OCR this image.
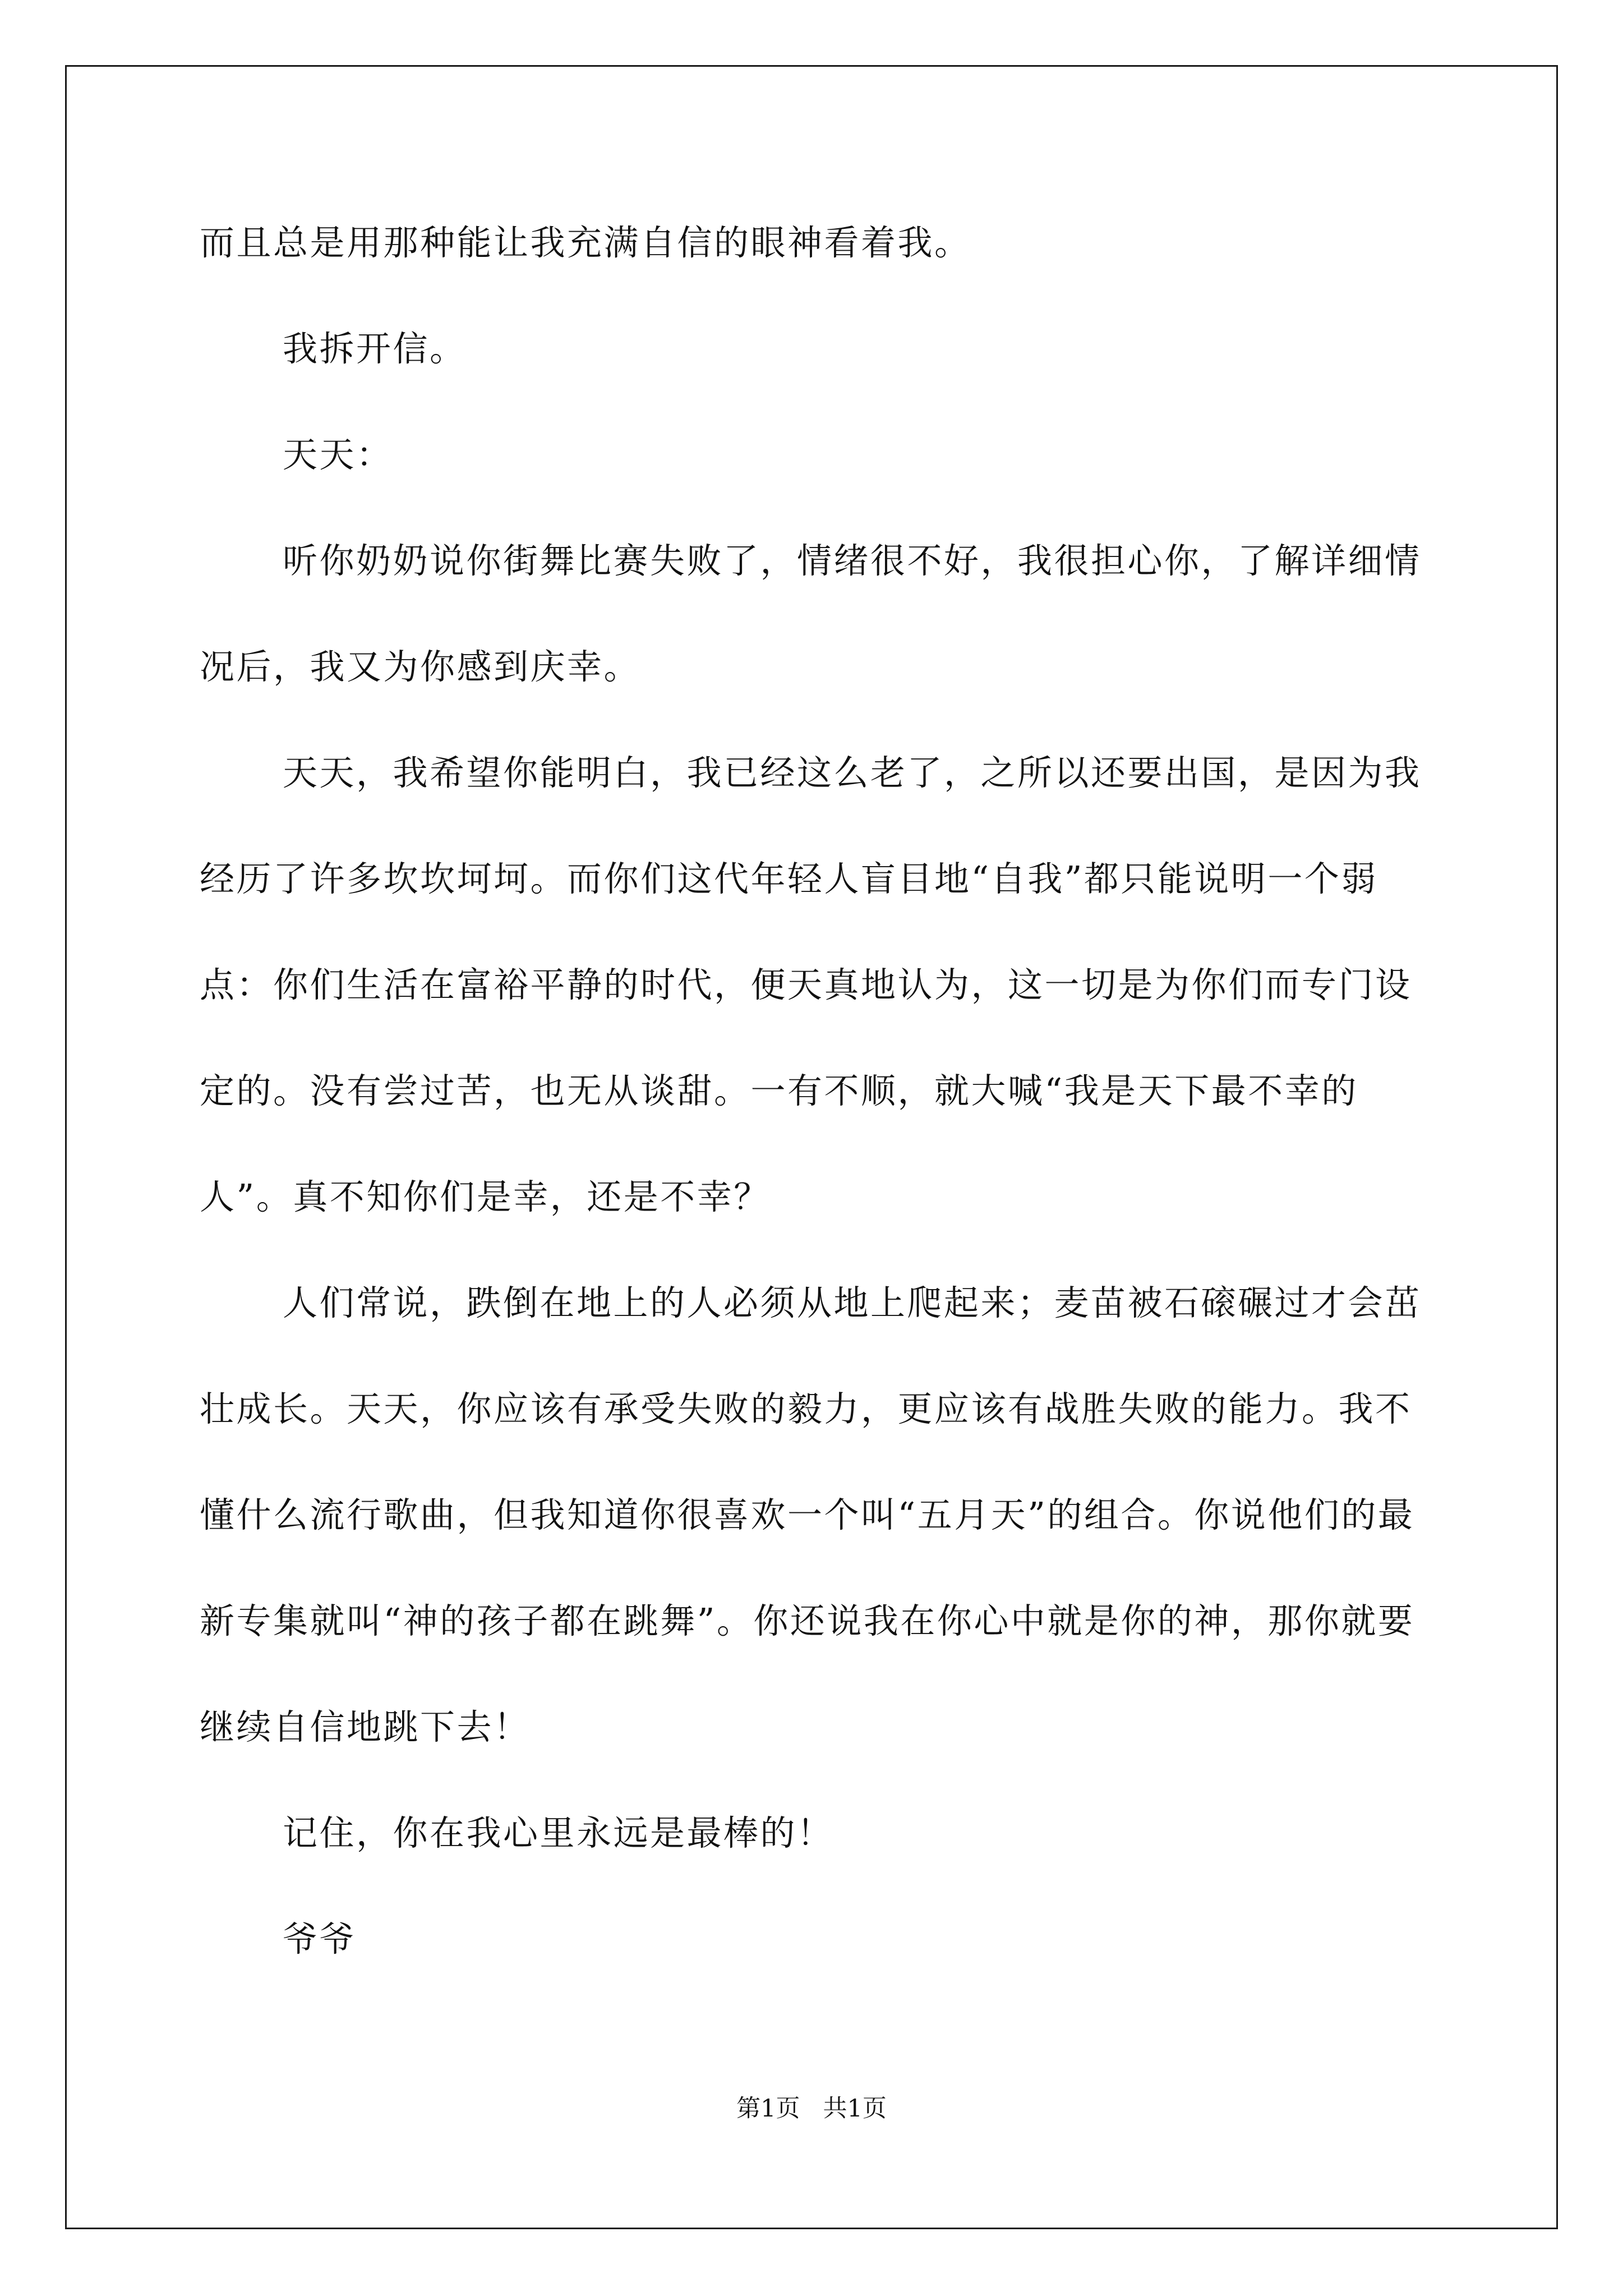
而且总是用那种能让我充满自信的眼神看着我。

我拆开信。

天天：

听你奶奶说你街舞比赛失败了，情绪很不好，我很担心你，了解详细情况后，我又为你感到庆幸。

天天，我希望你能明白，我已经这么老了，之所以还要出国，是因为我经历了许多坎坎坷坷。而你们这代年轻人盲目地“自我”都只能说明一个弱点：你们生活在富裕平静的时代，便天真地认为，这一切是为你们而专门设定的。没有尝过苦，也无从谈甜。一有不顺，就大喊“我是天下最不幸的人”。真不知你们是幸，还是不幸？

人们常说，跌倒在地上的人必须从地上爬起来；麦苗被石磙碾过才会茁壮成长。天天，你应该有承受失败的毅力，更应该有战胜失败的能力。我不懂什么流行歌曲，但我知道你很喜欢一个叫“五月天”的组合。你说他们的最新专集就叫“神的孩子都在跳舞”。你还说我在你心中就是你的神，那你就要继续自信地跳下去！

记住，你在我心里永远是最棒的！

爷爷

第1页   共1页
